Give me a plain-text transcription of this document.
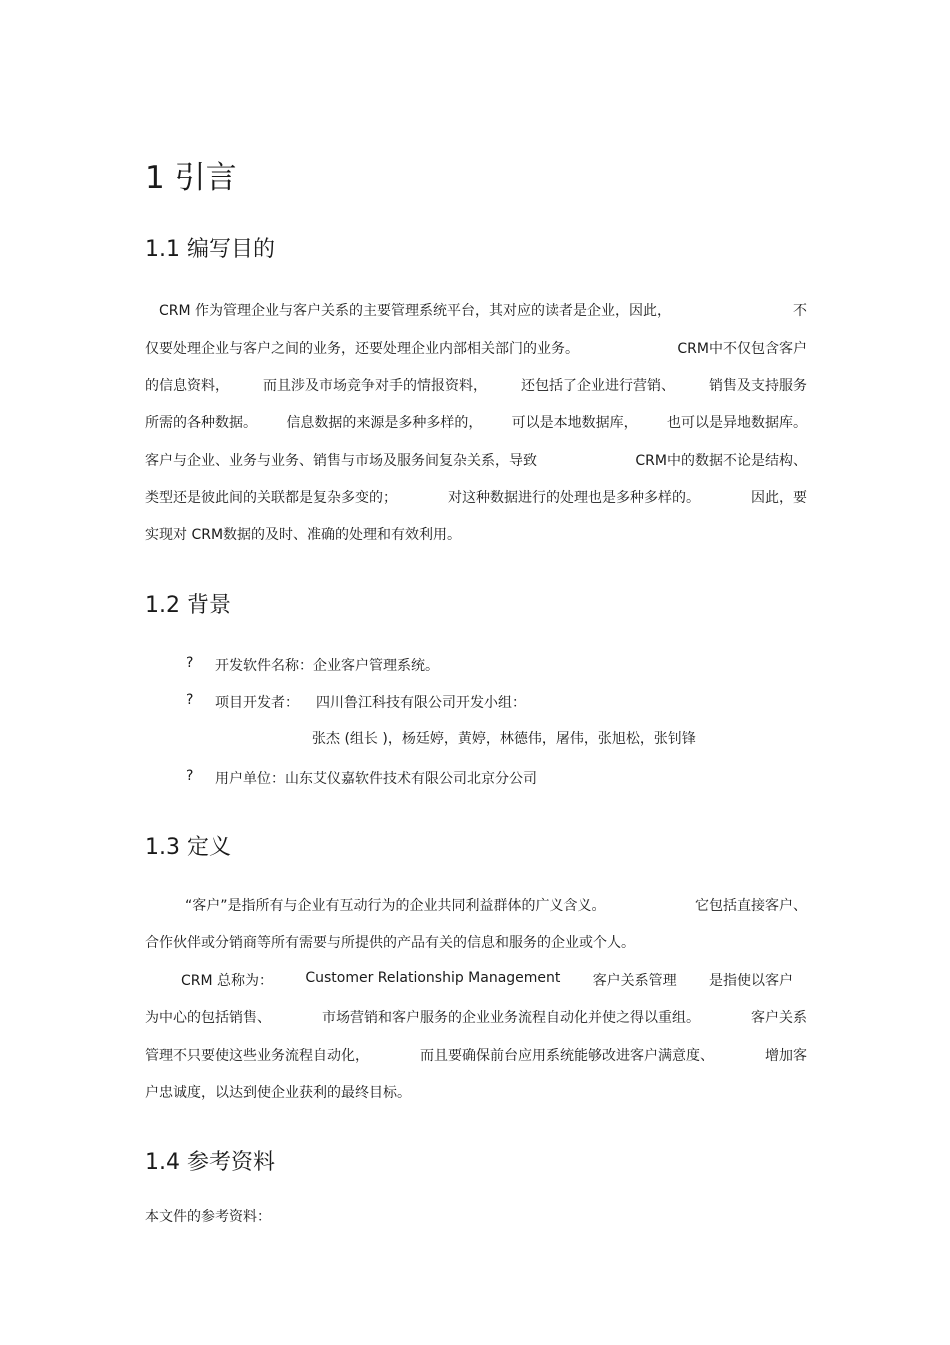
1 引言
1.1 编写目的
CRM 作为管理企业与客户关系的主要管理系统平台，其对应的读者是企业，因此，	不
仅要处理企业与客户之间的业务，还要处理企业内部相关部门的业务。	CRM中不仅包含客户
的信息资料， 而且涉及市场竞争对手的情报资料， 还包括了企业进行营销、 销售及支持服务
所需的各种数据。 信息数据的来源是多种多样的， 可以是本地数据库， 也可以是异地数据库。
客户与企业、业务与业务、销售与市场及服务间复杂关系，导致	CRM中的数据不论是结构、
类型还是彼此间的关联都是复杂多变的；	对这种数据进行的处理也是多种多样的。	因此，要
实现对 CRM数据的及时、准确的处理和有效利用。
1.2 背景
? 开发软件名称：企业客户管理系统。
? 项目开发者： 四川鲁江科技有限公司开发小组：
张杰 (组长 )，杨廷婷，黄婷，林德伟，屠伟，张旭松，张钊锋
? 用户单位：山东艾仪嘉软件技术有限公司北京分公司
1.3 定义
“客户”是指所有与企业有互动行为的企业共同利益群体的广义含义。	它包括直接客户、
合作伙伴或分销商等所有需要与所提供的产品有关的信息和服务的企业或个人。
CRM 总称为： Customer Relationship Management 客户关系管理 是指使以客户
为中心的包括销售、	市场营销和客户服务的企业业务流程自动化并使之得以重组。	客户关系
管理不只要使这些业务流程自动化，	而且要确保前台应用系统能够改进客户满意度、	增加客
户忠诚度，以达到使企业获利的最终目标。
1.4 参考资料
本文件的参考资料：
